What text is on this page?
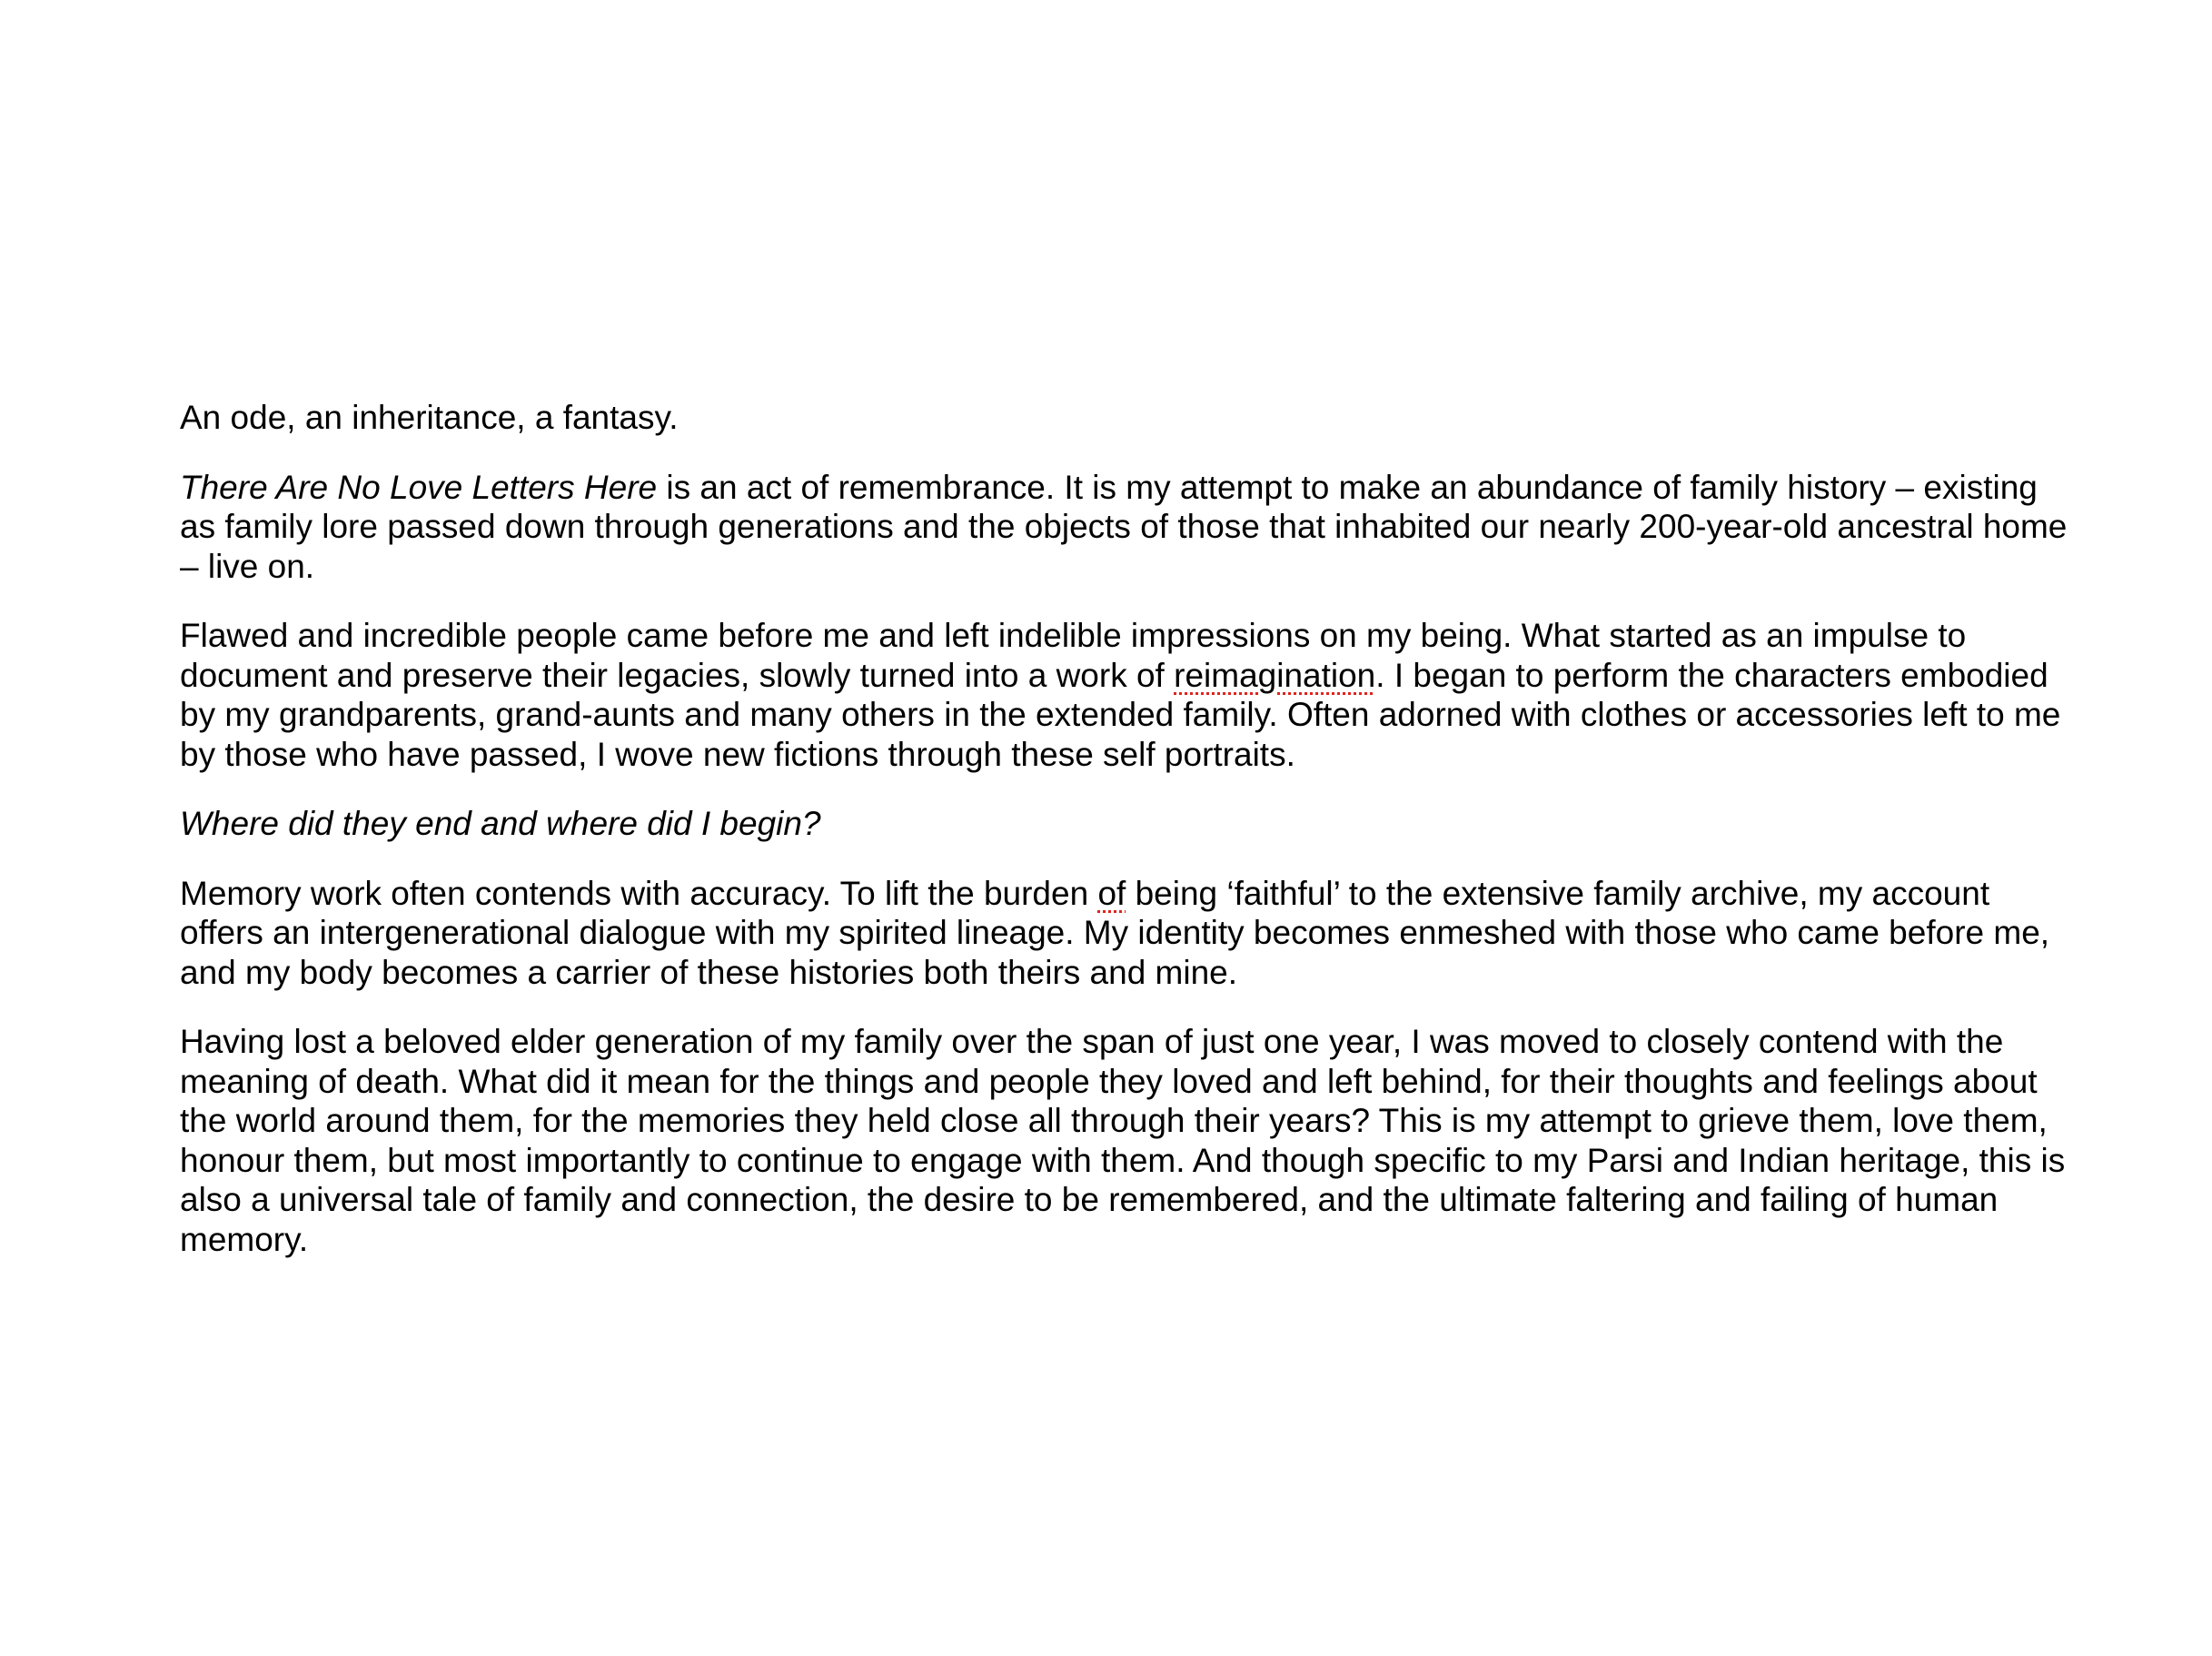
An ode, an inheritance, a fantasy.

There Are No Love Letters Here is an act of remembrance. It is my attempt to make an abundance of family history – existing as family lore passed down through generations and the objects of those that inhabited our nearly 200-year-old ancestral home – live on.

Flawed and incredible people came before me and left indelible impressions on my being. What started as an impulse to document and preserve their legacies, slowly turned into a work of reimagination. I began to perform the characters embodied by my grandparents, grand-aunts and many others in the extended family. Often adorned with clothes or accessories left to me by those who have passed, I wove new fictions through these self portraits.

Where did they end and where did I begin?

Memory work often contends with accuracy. To lift the burden of being ‘faithful’ to the extensive family archive, my account offers an intergenerational dialogue with my spirited lineage. My identity becomes enmeshed with those who came before me, and my body becomes a carrier of these histories both theirs and mine.

Having lost a beloved elder generation of my family over the span of just one year, I was moved to closely contend with the meaning of death. What did it mean for the things and people they loved and left behind, for their thoughts and feelings about the world around them, for the memories they held close all through their years? This is my attempt to grieve them, love them, honour them, but most importantly to continue to engage with them. And though specific to my Parsi and Indian heritage, this is also a universal tale of family and connection, the desire to be remembered, and the ultimate faltering and failing of human memory.
